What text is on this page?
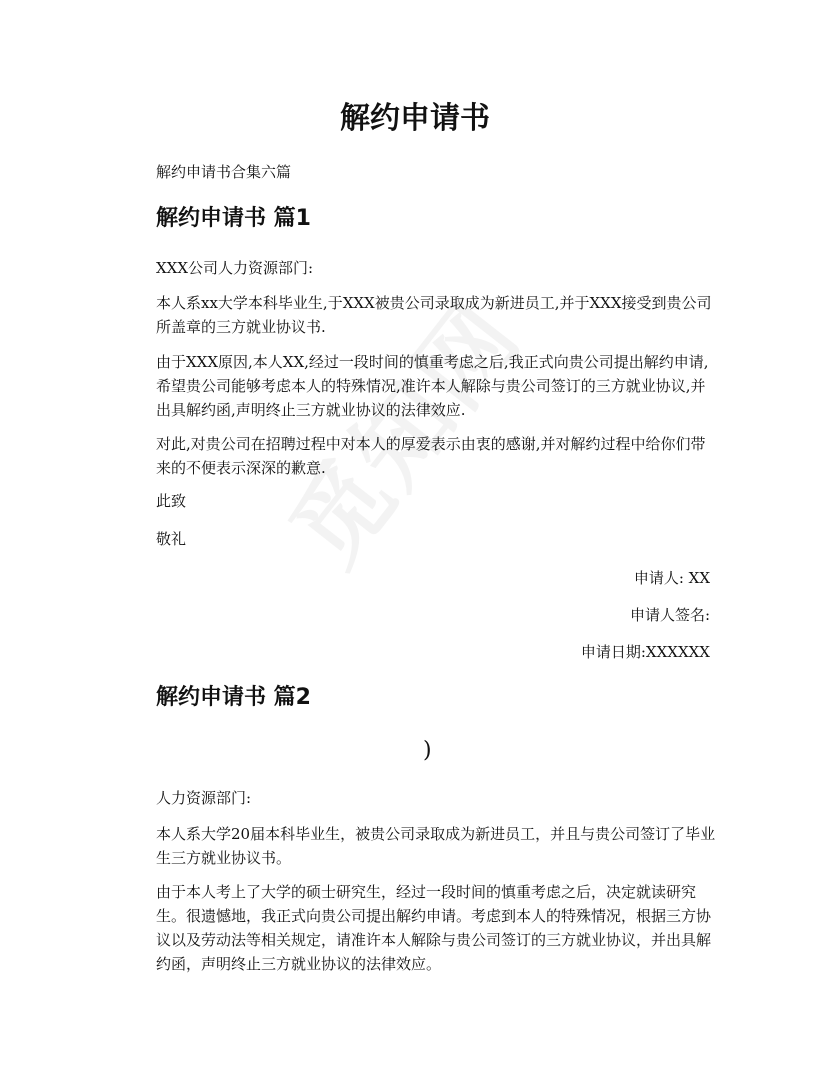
解约申请书
解约申请书合集六篇
解约申请书 篇1

XXX公司人力资源部门:

本人系xx大学本科毕业生,于XXX被贵公司录取成为新进员工,并于XXX接受到贵公司所盖章的三方就业协议书.

由于XXX原因,本人XX,经过一段时间的慎重考虑之后,我正式向贵公司提出解约申请,希望贵公司能够考虑本人的特殊情况,准许本人解除与贵公司签订的三方就业协议,并出具解约函,声明终止三方就业协议的法律效应.

对此,对贵公司在招聘过程中对本人的厚爱表示由衷的感谢,并对解约过程中给你们带来的不便表示深深的歉意.

此致

敬礼

申请人: XX
申请人签名:
申请日期:XXXXXX
解约申请书 篇2
)

人力资源部门:

本人系大学20届本科毕业生，被贵公司录取成为新进员工，并且与贵公司签订了毕业生三方就业协议书。

由于本人考上了大学的硕士研究生，经过一段时间的慎重考虑之后，决定就读研究生。很遗憾地，我正式向贵公司提出解约申请。考虑到本人的特殊情况，根据三方协议以及劳动法等相关规定，请准许本人解除与贵公司签订的三方就业协议，并出具解约函，声明终止三方就业协议的法律效应。
